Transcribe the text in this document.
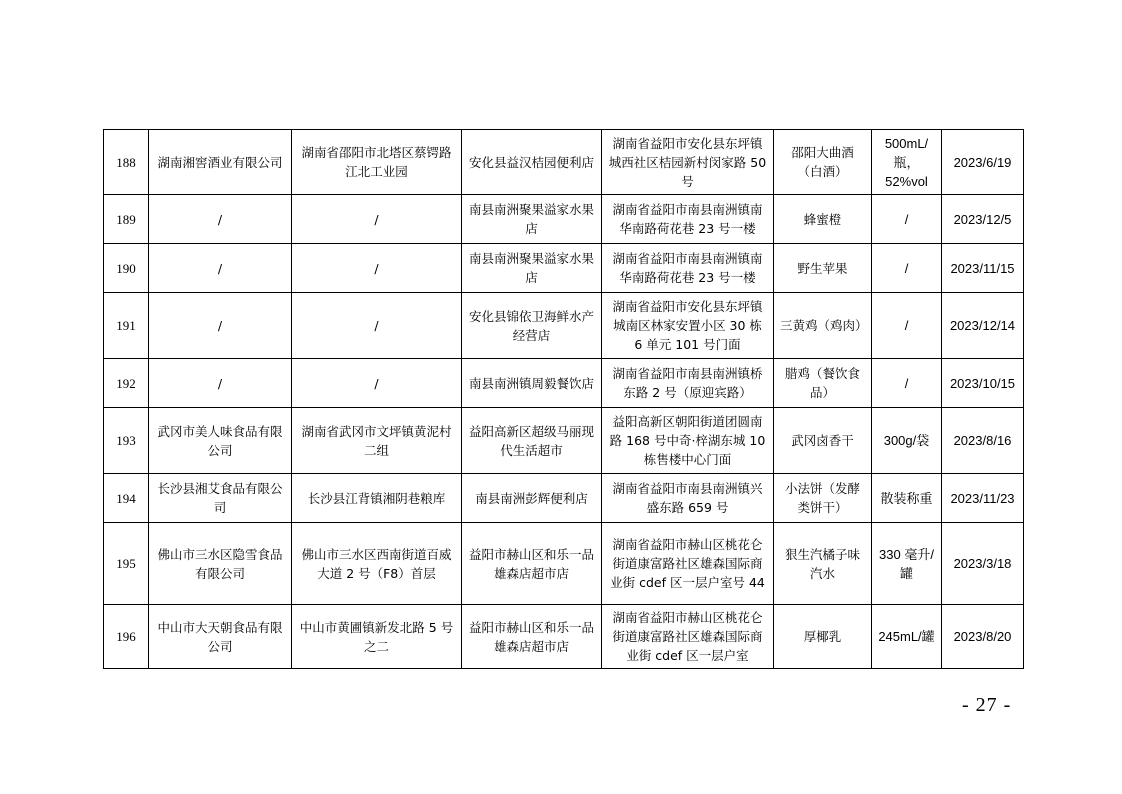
188	湖南湘窖酒业有限公司	湖南省邵阳市北塔区蔡锷路江北工业园	安化县益汉桔园便利店	湖南省益阳市安化县东坪镇城西社区桔园新村闵家路 50 号	邵阳大曲酒（白酒）	500mL/瓶，52%vol	2023/6/19
189	/	/	南县南洲聚果溢家水果店	湖南省益阳市南县南洲镇南华南路荷花巷 23 号一楼	蜂蜜橙	/	2023/12/5
190	/	/	南县南洲聚果溢家水果店	湖南省益阳市南县南洲镇南华南路荷花巷 23 号一楼	野生苹果	/	2023/11/15
191	/	/	安化县锦依卫海鲜水产经营店	湖南省益阳市安化县东坪镇城南区林家安置小区 30 栋 6 单元 101 号门面	三黄鸡（鸡肉）	/	2023/12/14
192	/	/	南县南洲镇周毅餐饮店	湖南省益阳市南县南洲镇桥东路 2 号（原迎宾路）	腊鸡（餐饮食品）	/	2023/10/15
193	武冈市美人味食品有限公司	湖南省武冈市文坪镇黄泥村二组	益阳高新区超级马丽现代生活超市	益阳高新区朝阳街道团圆南路 168 号中奇·梓湖东城 10 栋售楼中心门面	武冈卤香干	300g/袋	2023/8/16
194	长沙县湘艾食品有限公司	长沙县江背镇湘阴巷粮库	南县南洲彭辉便利店	湖南省益阳市南县南洲镇兴盛东路 659 号	小法饼（发酵类饼干）	散装称重	2023/11/23
195	佛山市三水区隐雪食品有限公司	佛山市三水区西南街道百威大道 2 号（F8）首层	益阳市赫山区和乐一品雄森店超市店	湖南省益阳市赫山区桃花仑街道康富路社区雄森国际商业街 cdef 区一层户室号 44	狠生汽橘子味汽水	330 毫升/罐	2023/3/18
196	中山市大天朝食品有限公司	中山市黄圃镇新发北路 5 号之二	益阳市赫山区和乐一品雄森店超市店	湖南省益阳市赫山区桃花仑街道康富路社区雄森国际商业街 cdef 区一层户室	厚椰乳	245mL/罐	2023/8/20
- 27 -
